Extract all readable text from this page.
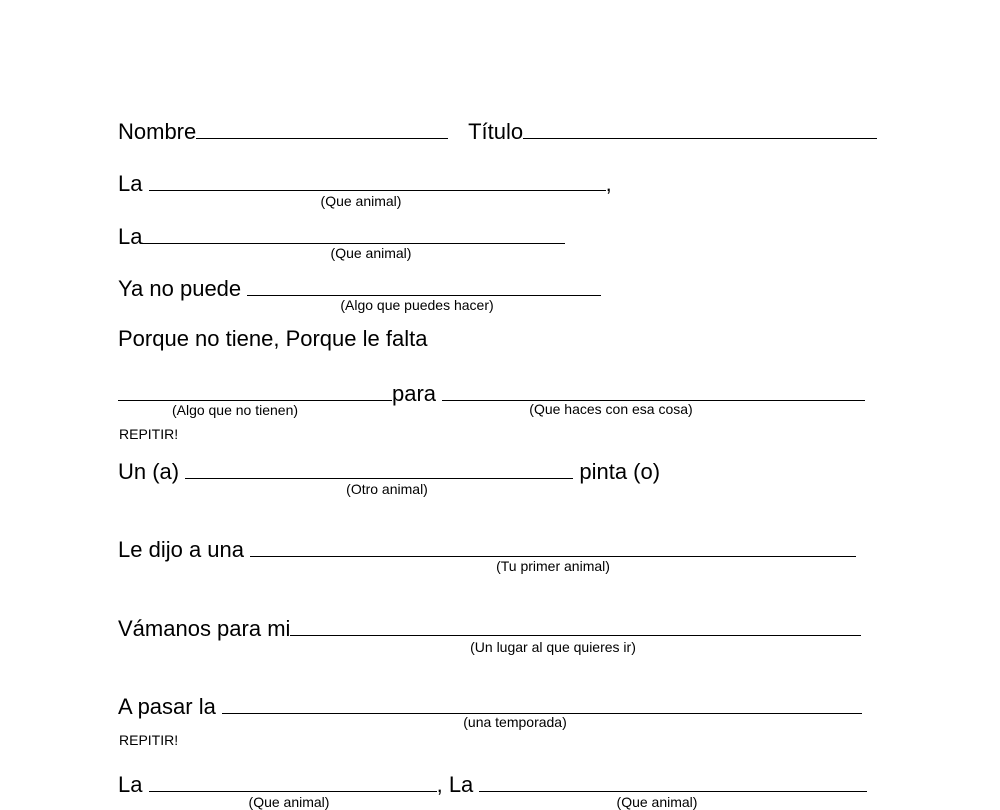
Nombre	Título
La	,
(Que animal)
La
(Que animal)
Ya no puede
(Algo que puedes hacer)
Porque no tiene, Porque le falta
para
(Algo que no tienen)	(Que haces con esa cosa)
REPITIR!
Un (a)	pinta (o)
(Otro animal)
Le dijo a una
(Tu primer animal)
Vámanos para mi
(Un lugar al que quieres ir)
A pasar la
(una temporada)
REPITIR!
La	, La
(Que animal)	(Que animal)
